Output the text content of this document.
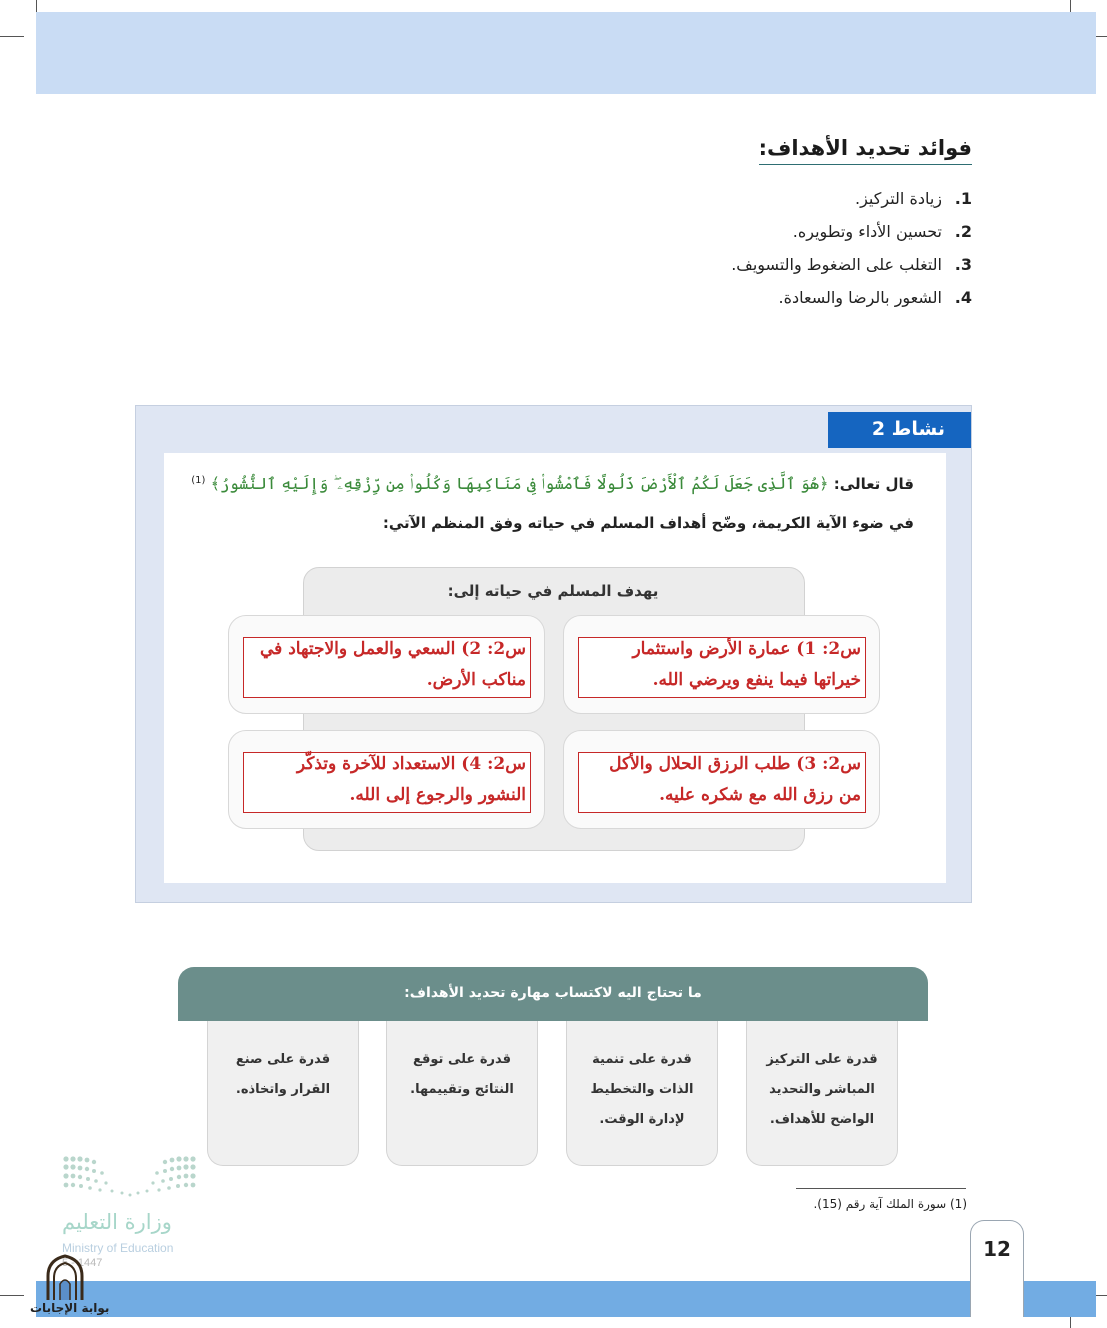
فوائد تحديد الأهداف:
1.زيادة التركيز.
2.تحسين الأداء وتطويره.
3.التغلب على الضغوط والتسويف.
4.الشعور بالرضا والسعادة.
نشاط 2
قال تعالى: ﴿هُوَ ٱلَّذِى جَعَلَ لَكُمُ ٱلْأَرْضَ ذَلُولًا فَٱمْشُوا۟ فِى مَنَاكِبِهَا وَكُلُوا۟ مِن رِّزْقِهِۦ ۖ وَإِلَيْهِ ٱلنُّشُورُ﴾ $^{(1)}$
في ضوء الآية الكريمة، وضّح أهداف المسلم في حياته وفق المنظم الآتي:
يهدف المسلم في حياته إلى:
س2: 1) عمارة الأرض واستثمار خيراتها فيما ينفع ويرضي الله.
س2: 2) السعي والعمل والاجتهاد في مناكب الأرض.
س2: 3) طلب الرزق الحلال والأكل من رزق الله مع شكره عليه.
س2: 4) الاستعداد للآخرة وتذكّر النشور والرجوع إلى الله.
ما تحتاج اليه لاكتساب مهارة تحديد الأهداف:
قدرة على التركيز المباشر والتحديد الواضح للأهداف.
قدرة على تنمية الذات والتخطيط لإدارة الوقت.
قدرة على توقع النتائج وتقييمها.
قدرة على صنع القرار واتخاذه.
(1) سورة الملك آية رقم (15).
وزارة التعليم
Ministry of Education
5 - 1447
12
بوابة الإجابات
